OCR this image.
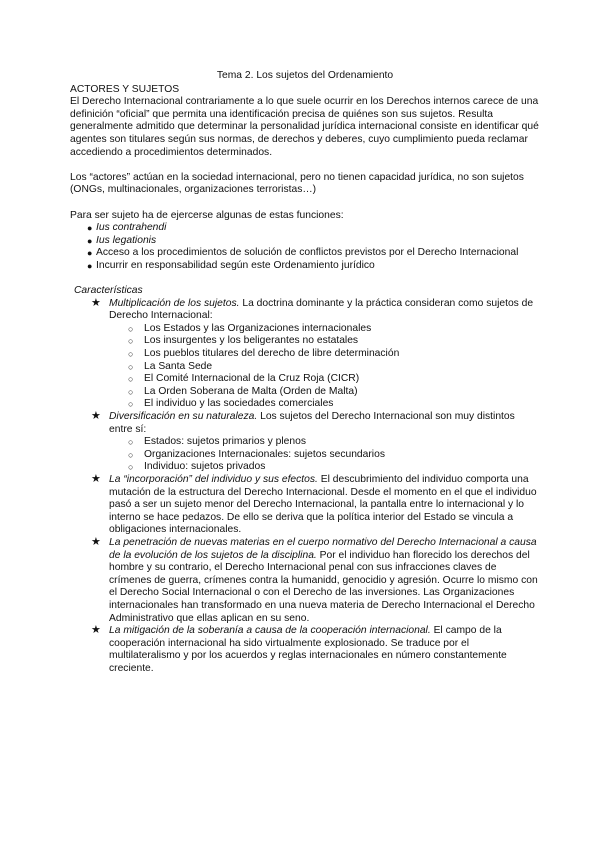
Tema 2. Los sujetos del Ordenamiento

ACTORES Y SUJETOS

El Derecho Internacional contrariamente a lo que suele ocurrir en los Derechos internos carece de una definición “oficial” que permita una identificación precisa de quiénes son sus sujetos. Resulta generalmente admitido que determinar la personalidad jurídica internacional consiste en identificar qué agentes son titulares según sus normas, de derechos y deberes, cuyo cumplimiento pueda reclamar accediendo a procedimientos determinados.

Los “actores” actúan en la sociedad internacional, pero no tienen capacidad jurídica, no son sujetos (ONGs, multinacionales, organizaciones terroristas…)

Para ser sujeto ha de ejercerse algunas de estas funciones:

● Ius contrahendi
● Ius legationis
● Acceso a los procedimientos de solución de conflictos previstos por el Derecho Internacional
● Incurrir en responsabilidad según este Ordenamiento jurídico

Características

★ Multiplicación de los sujetos. La doctrina dominante y la práctica consideran como sujetos de Derecho Internacional:
○ Los Estados y las Organizaciones internacionales
○ Los insurgentes y los beligerantes no estatales
○ Los pueblos titulares del derecho de libre determinación
○ La Santa Sede
○ El Comité Internacional de la Cruz Roja (CICR)
○ La Orden Soberana de Malta (Orden de Malta)
○ El individuo y las sociedades comerciales
★ Diversificación en su naturaleza. Los sujetos del Derecho Internacional son muy distintos entre sí:
○ Estados: sujetos primarios y plenos
○ Organizaciones Internacionales: sujetos secundarios
○ Individuo: sujetos privados
★ La “incorporación” del individuo y sus efectos. El descubrimiento del individuo comporta una mutación de la estructura del Derecho Internacional. Desde el momento en el que el individuo pasó a ser un sujeto menor del Derecho Internacional, la pantalla entre lo internacional y lo interno se hace pedazos. De ello se deriva que la política interior del Estado se vincula a obligaciones internacionales.
★ La penetración de nuevas materias en el cuerpo normativo del Derecho Internacional a causa de la evolución de los sujetos de la disciplina. Por el individuo han florecido los derechos del hombre y su contrario, el Derecho Internacional penal con sus infracciones claves de crímenes de guerra, crímenes contra la humanidd, genocidio y agresión. Ocurre lo mismo con el Derecho Social Internacional o con el Derecho de las inversiones. Las Organizaciones internacionales han transformado en una nueva materia de Derecho Internacional el Derecho Administrativo que ellas aplican en su seno.
★ La mitigación de la soberanía a causa de la cooperación internacional. El campo de la cooperación internacional ha sido virtualmente explosionado. Se traduce por el multilateralismo y por los acuerdos y reglas internacionales en número constantemente creciente.
